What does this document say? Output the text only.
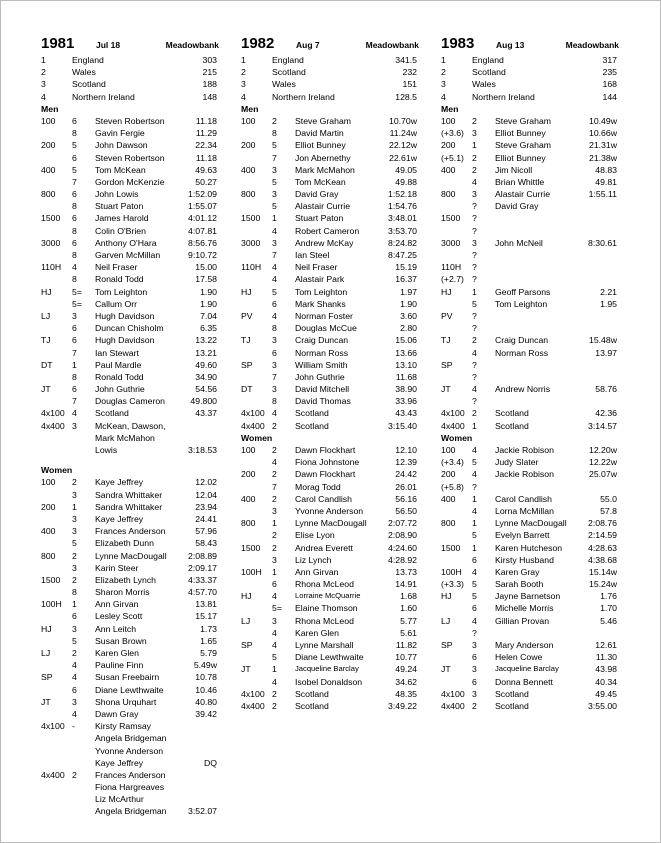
1981	Jul 18	Meadowbank
1	England	303
2	Wales	215
3	Scotland	188
4	Northern Ireland	148
Men
100 6 Steven Robertson	11.18
8 Gavin Fergie	11.29
200 5 John Dawson	22.34
6 Steven Robertson	11.18
400 5 Tom McKean	49.63
7 Gordon McKenzie	50.27
800 6 John Lowis	1:52.09
8 Stuart Paton	1:55.07
1500 6 James Harold	4:01.12
8 Colin O'Brien	4:07.81
3000 6 Anthony O'Hara	8:56.76
8 Garven McMillan	9:10.72
110H 4 Neil Fraser	15.00
8 Ronald Todd	17.58
HJ 5= Tom Leighton	1.90
5= Callum Orr	1.90
LJ	3 Hugh Davidson	7.04
6 Duncan Chisholm	6.35
TJ 6 Hugh Davidson	13.22
7 Ian Stewart	13.21
DT 1 Paul Mardle	49.60
8 Ronald Todd	34.90
JT 6 John Guthrie	54.56
7 Douglas Cameron	49.800
4x100 4 Scotland	43.37
4x400 3 McKean, Dawson,
Mark McMahon
Lowis	3:18.53
Women
100 2 Kaye Jeffrey	12.02
3 Sandra Whittaker	12.04
200 1 Sandra Whittaker	23.94
3 Kaye Jeffrey	24.41
400 3 Frances Anderson	57.96
5 Elizabeth Dunn	58.43
800 2 Lynne MacDougall 2:08.89
3 Karin Steer	2:09.17
1500 2 Elizabeth Lynch	4:33.37
8 Sharon Morris	4:57.70
100H 1 Ann Girvan	13.81
6 Lesley Scott	15.17
HJ 3 Ann Leitch	1.73
5 Susan Brown	1.65
LJ	2 Karen Glen	5.79
4 Pauline Finn	5.49w
SP 4 Susan Freebairn	10.78
6 Diane Lewthwaite	10.46
JT 3 Shona Urquhart	40.80
4 Dawn Gray	39.42
4x100 - Kirsty Ramsay
Angela Bridgeman
Yvonne Anderson
Kaye Jeffrey	DQ
4x400 2 Frances Anderson
Fiona Hargreaves
Liz McArthur
Angela Bridgeman 3:52.07
1982	Aug 7	Meadowbank
1	England	341.5
2	Scotland	232
3	Wales	151
4	Northern Ireland	128.5
Men
100 2 Steve Graham	10.70w
8 David Martin	11.24w
200 5 Elliot Bunney	22.12w
7 Jon Abernethy	22.61w
400 3 Mark McMahon	49.05
5 Tom McKean	49.88
800 3 David Gray	1:52.18
5 Alastair Currie	1:54.76
1500 1 Stuart Paton	3:48.01
4 Robert Cameron	3:53.70
3000 3 Andrew McKay	8:24.82
7 Ian Steel	8:47.25
110H 4 Neil Fraser	15.19
4 Alastair Park	16.37
HJ 5 Tom Leighton	1.97
6 Mark Shanks	1.90
PV 4 Norman Foster	3.60
8 Douglas McCue	2.80
TJ 3 Craig Duncan	15.06
6 Norman Ross	13.66
SP 3 William Smith	13.10
7 John Guthrie	11.68
DT 3 David Mitchell	38.90
8 David Thomas	33.96
4x100 4 Scotland	43.43
4x400 2 Scotland	3:15.40
Women
100 2 Dawn Flockhart	12.10
4 Fiona Johnstone	12.39
200 2 Dawn Flockhart	24.42
7 Morag Todd	26.01
400 2 Carol Candlish	56.16
3 Yvonne Anderson	56.50
800 1 Lynne MacDougall 2:07.72
2 Elise Lyon	2:08.90
1500 2 Andrea Everett	4:24.60
3 Liz Lynch	4:28.92
100H 1 Ann Girvan	13.73
6 Rhona McLeod	14.91
HJ 4 Lorraine McQuarrie	1.68
5= Elaine Thomson	1.60
LJ	3 Rhona McLeod	5.77
4 Karen Glen	5.61
SP 4 Lynne Marshall	11.82
5 Diane Lewthwaite	10.77
JT 1 Jacqueline Barclay	49.24
4 Isobel Donaldson	34.62
4x100 2 Scotland	48.35
4x400 2 Scotland	3:49.22
1983	Aug 13	Meadowbank
1	England	317
2	Scotland	235
3	Wales	168
4	Northern Ireland	144
Men
100 2 Steve Graham	10.49w
(+3.6) 3 Elliot Bunney	10.66w
200 1 Steve Graham	21.31w
(+5.1) 2 Elliot Bunney	21.38w
400 2 Jim Nicoll	48.83
4 Brian Whittle	49.81
800 3 Alastair Currie	1:55.11
? David Gray
1500 ?
?
3000 3 John McNeil	8:30.61
?
110H ?
(+2.7) ?
HJ 1 Geoff Parsons	2.21
5 Tom Leighton	1.95
PV ?
?
TJ 2 Craig Duncan	15.48w
4 Norman Ross	13.97
SP ?
?
JT 4 Andrew Norris	58.76
?
4x100 2 Scotland	42.36
4x400 1 Scotland	3:14.57
Women
100 4 Jackie Robison	12.20w
(+3.4) 5 Judy Slater	12.22w
200 4 Jackie Robison	25.07w
(+5.8) ?
400 1 Carol Candlish	55.0
4 Lorna McMillan	57.8
800 1 Lynne MacDougall 2:08.76
5 Evelyn Barrett	2:14.59
1500 1 Karen Hutcheson	4:28.63
6 Kirsty Husband	4:38.68
100H 4 Karen Gray	15.14w
(+3.3) 5 Sarah Booth	15.24w
HJ 5 Jayne Barnetson	1.76
6 Michelle Morris	1.70
LJ	4 Gillian Provan	5.46
?
SP 3 Mary Anderson	12.61
6 Helen Cowe	11.30
JT 3 Jacqueline Barclay	43.98
6 Donna Bennett	40.34
4x100 3 Scotland	49.45
4x400 2 Scotland	3:55.00
